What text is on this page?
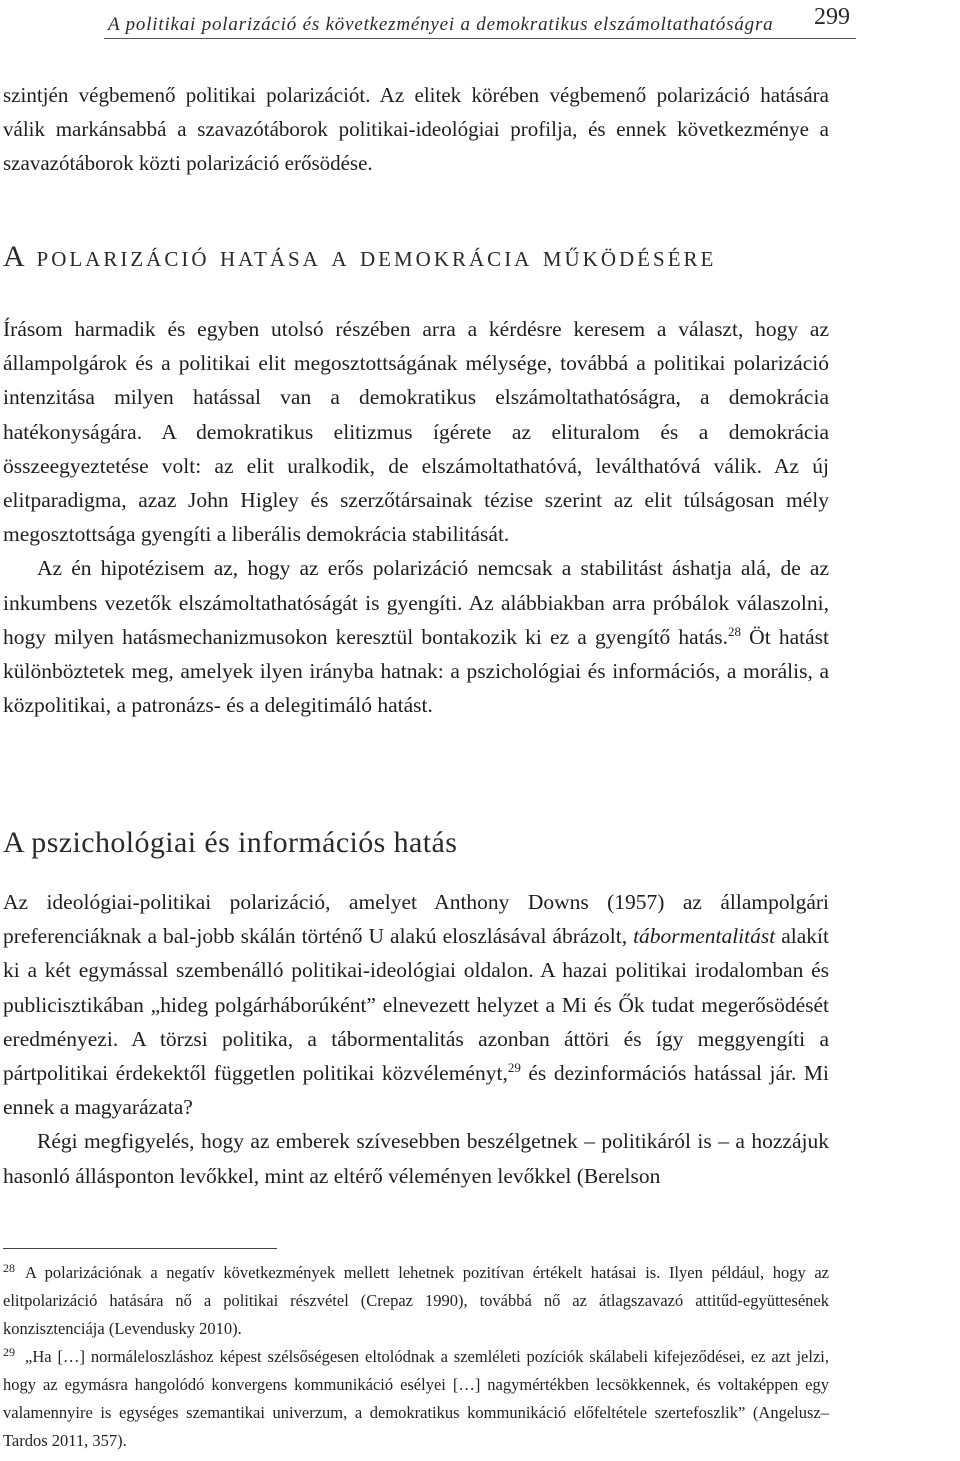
A politikai polarizáció és következményei a demokratikus elszámoltathatóságra 299

szintjén végbemenő politikai polarizációt. Az elitek körében végbemenő polarizáció hatására válik markánsabbá a szavazótáborok politikai-ideológiai profilja, és ennek következménye a szavazótáborok közti polarizáció erősödése.

A polarizáció hatása a demokrácia működésére

Írásom harmadik és egyben utolsó részében arra a kérdésre keresem a választ, hogy az állampolgárok és a politikai elit megosztottságának mélysége, továbbá a politikai polarizáció intenzitása milyen hatással van a demokratikus elszámoltathatóságra, a demokrácia hatékonyságára. A demokratikus elitizmus ígérete az elituralom és a demokrácia összeegyeztetése volt: az elit uralkodik, de elszámoltathatóvá, leválthatóvá válik. Az új elitparadigma, azaz John Higley és szerzőtársainak tézise szerint az elit túlságosan mély megosztottsága gyengíti a liberális demokrácia stabilitását.

Az én hipotézisem az, hogy az erős polarizáció nemcsak a stabilitást áshatja alá, de az inkumbens vezetők elszámoltathatóságát is gyengíti. Az alábbiakban arra próbálok válaszolni, hogy milyen hatásmechanizmusokon keresztül bontakozik ki ez a gyengítő hatás.$^{28}$ Öt hatást különböztetek meg, amelyek ilyen irányba hatnak: a pszichológiai és információs, a morális, a közpolitikai, a patronázs- és a delegitimáló hatást.

A pszichológiai és információs hatás

Az ideológiai-politikai polarizáció, amelyet Anthony Downs (1957) az állampolgári preferenciáknak a bal-jobb skálán történő U alakú eloszlásával ábrázolt, tábormentalitást alakít ki a két egymással szembenálló politikai-ideológiai oldalon. A hazai politikai irodalomban és publicisztikában „hideg polgárháborúként” elnevezett helyzet a Mi és Ők tudat megerősödését eredményezi. A törzsi politika, a tábormentalitás azonban áttöri és így meggyengíti a pártpolitikai érdekektől független politikai közvéleményt,$^{29}$ és dezinformációs hatással jár. Mi ennek a magyarázata?

Régi megfigyelés, hogy az emberek szívesebben beszélgetnek – politikáról is – a hozzájuk hasonló állásponton levőkkel, mint az eltérő véleményen levőkkel (Berelson

$^{28}$ A polarizációnak a negatív következmények mellett lehetnek pozitívan értékelt hatásai is. Ilyen például, hogy az elitpolarizáció hatására nő a politikai részvétel (Crepaz 1990), továbbá nő az átlagszavazó attitűd-együttesének konzisztenciája (Levendusky 2010).

$^{29}$ „Ha […] normáleloszláshoz képest szélsőségesen eltolódnak a szemléleti pozíciók skálabeli kifejeződései, ez azt jelzi, hogy az egymásra hangolódó konvergens kommunikáció esélyei […] nagymértékben lecsökkennek, és voltaképpen egy valamennyire is egységes szemantikai univerzum, a demokratikus kommunikáció előfeltétele szertefoszlik” (Angelusz–Tardos 2011, 357).
